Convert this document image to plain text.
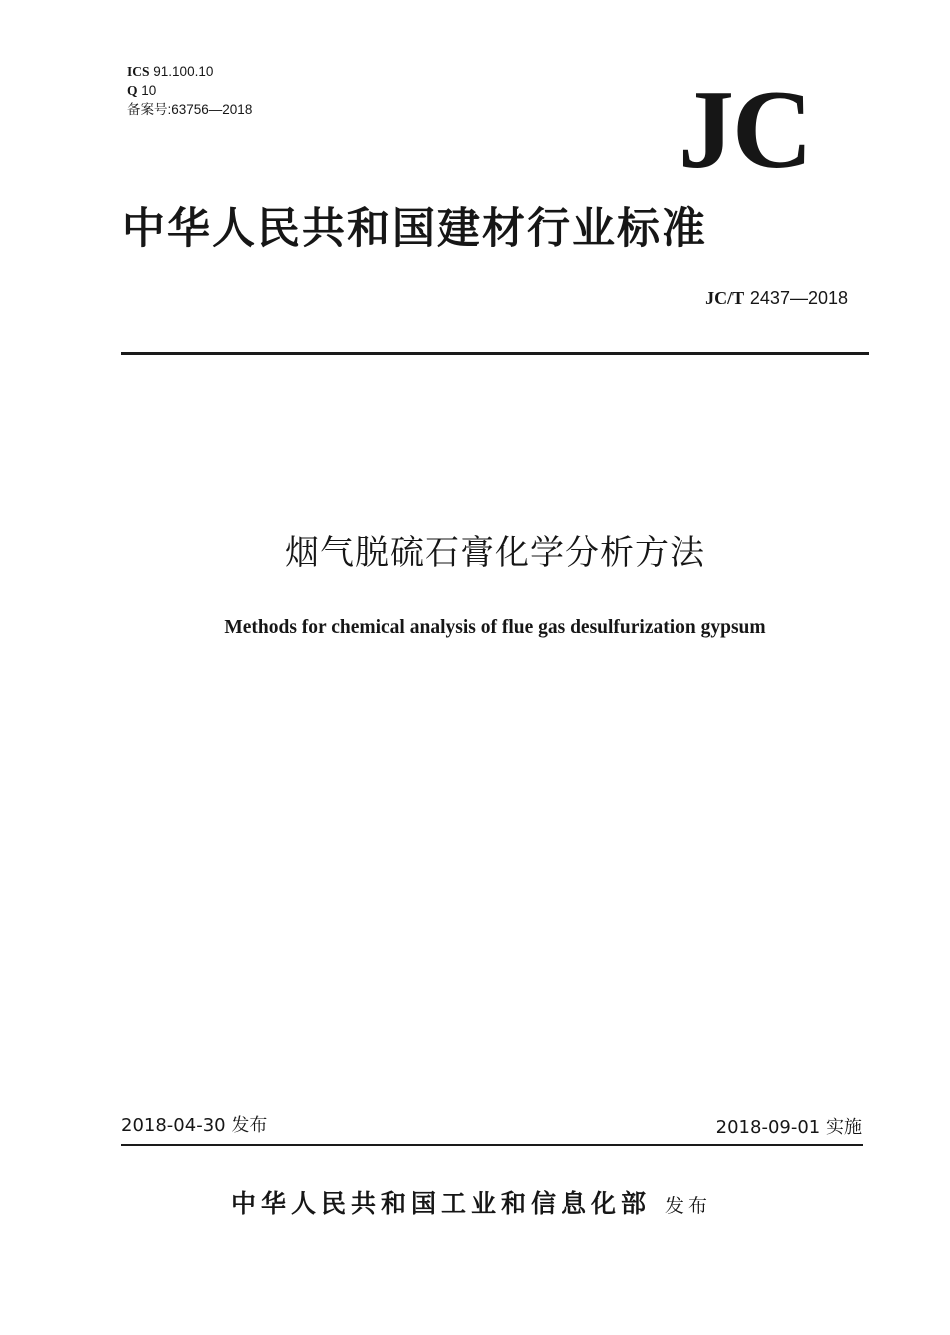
ICS 91.100.10
Q 10
备案号:63756—2018	JC
中华人民共和国建材行业标准
JC/T 2437—2018
烟气脱硫石膏化学分析方法
Methods for chemical analysis of flue gas desulfurization gypsum
2018-04-30 发布	2018-09-01 实施
中华人民共和国工业和信息化部 发布
